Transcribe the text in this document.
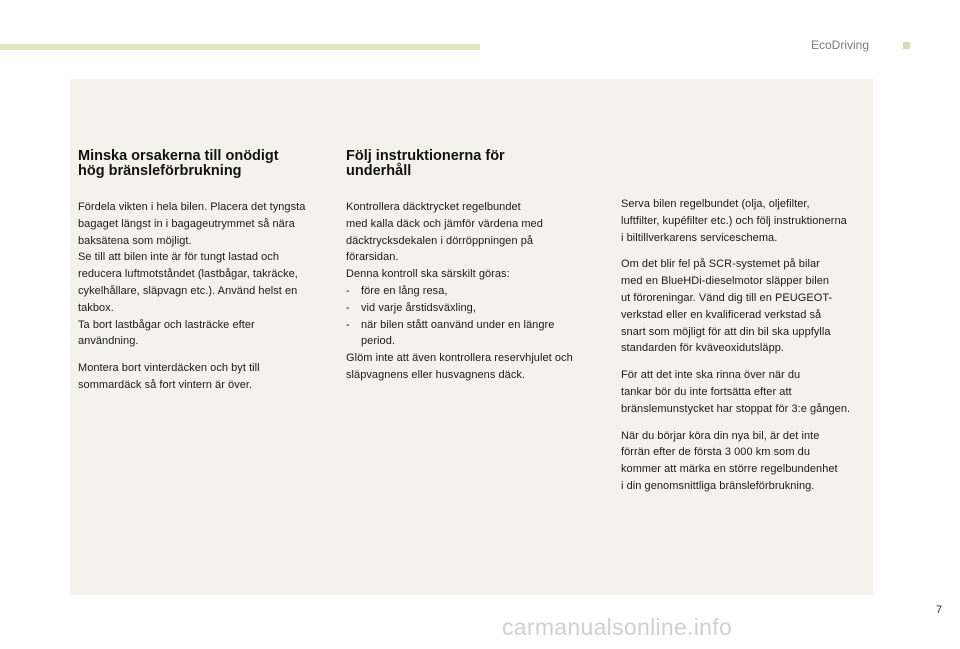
EcoDriving
Minska orsakerna till onödigt
hög bränsleförbrukning

Fördela vikten i hela bilen. Placera det tyngsta
bagaget längst in i bagageutrymmet så nära
baksätena som möjligt.
Se till att bilen inte är för tungt lastad och
reducera luftmotståndet (lastbågar, takräcke,
cykelhållare, släpvagn etc.). Använd helst en
takbox.
Ta bort lastbågar och lasträcke efter
användning.

Montera bort vinterdäcken och byt till
sommardäck så fort vintern är över.

Följ instruktionerna för
underhåll

Kontrollera däcktrycket regelbundet
med kalla däck och jämför värdena med
däcktrycksdekalen i dörröppningen på
förarsidan.
Denna kontroll ska särskilt göras:
-	före en lång resa,
-	vid varje årstidsväxling,
-	när bilen stått oanvänd under en längre
period.
Glöm inte att även kontrollera reservhjulet och
släpvagnens eller husvagnens däck.

Serva bilen regelbundet (olja, oljefilter,
luftfilter, kupéfilter etc.) och följ instruktionerna
i biltillverkarens serviceschema.

Om det blir fel på SCR-systemet på bilar
med en BlueHDi-dieselmotor släpper bilen
ut föroreningar. Vänd dig till en PEUGEOT-
verkstad eller en kvalificerad verkstad så
snart som möjligt för att din bil ska uppfylla
standarden för kväveoxidutsläpp.

För att det inte ska rinna över när du
tankar bör du inte fortsätta efter att
bränslemunstycket har stoppat för 3:e gången.

När du börjar köra din nya bil, är det inte
förrän efter de första 3 000 km som du
kommer att märka en större regelbundenhet
i din genomsnittliga bränsleförbrukning.

7
carmanualsonline.info
